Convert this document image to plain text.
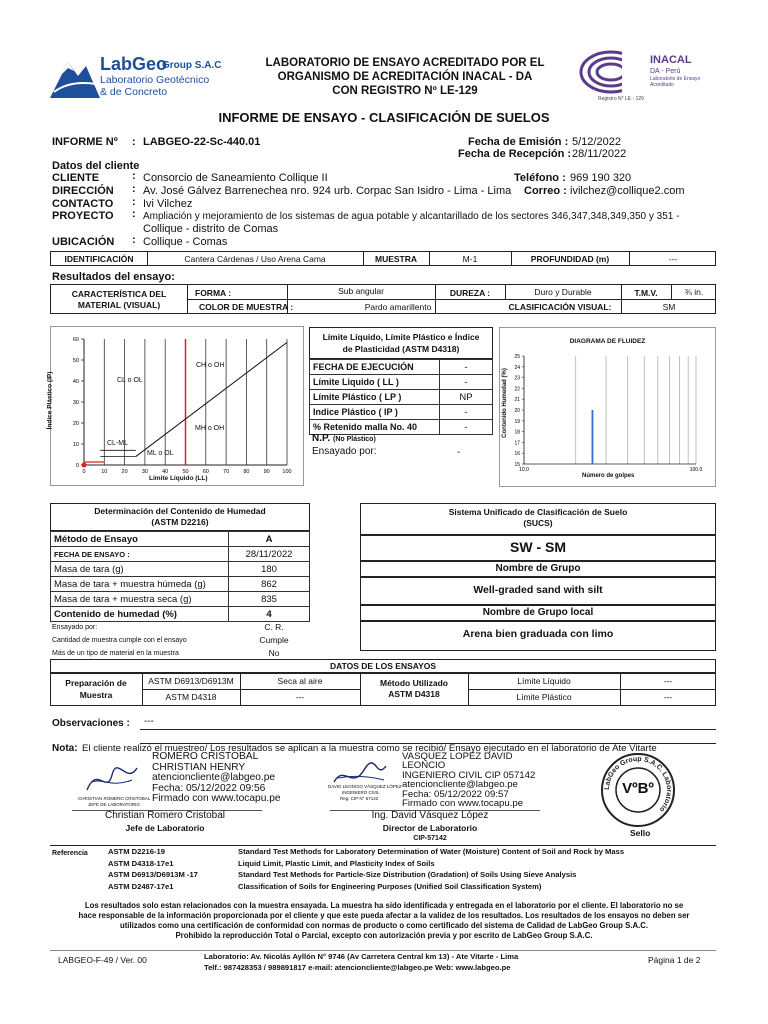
LabGeo
Group S.A.C
Laboratorio Geotécnico
& de Concreto
LABORATORIO DE ENSAYO ACREDITADO POR EL
ORGANISMO DE ACREDITACIÓN INACAL - DA
CON REGISTRO Nº LE-129
INACAL
DA - Perú
Laboratorio de Ensayo
Acreditado
Registro N° LE - 129
INFORME DE ENSAYO - CLASIFICACIÓN DE SUELOS
INFORME Nº : LABGEO-22-Sc-440.01	Fecha de Emisión : 5/12/2022
Fecha de Recepción : 28/11/2022
Datos del cliente
CLIENTE	: Consorcio de Saneamiento Collique II	Teléfono : 969 190 320
DIRECCIÓN : Av. José Gálvez Barrenechea nro. 924 urb. Corpac San Isidro - Lima - Lima Correo : ivilchez@collique2.com
CONTACTO : Ivi Vilchez
PROYECTO : Ampliación y mejoramiento de los sistemas de agua potable y alcantarillado de los sectores 346,347,348,349,350 y 351 -
Collique - distrito de Comas
UBICACIÓN : Collique - Comas
IDENTIFICACIÓN	Cantera Cárdenas / Uso Arena Cama	MUESTRA	M-1	PROFUNDIDAD (m)	---
Resultados del ensayo:
CARACTERÍSTICA DEL
MATERIAL (VISUAL)
FORMA :	Sub angular	DUREZA :	Duro y Durable	T.M.V.	¾ in.
COLOR DE MUESTRA :	Pardo amarillento	CLASIFICACIÓN VISUAL:	SM
0	10	20	30	40	50	60	70	80	90 100
0
10
20
30
40
50
60
Índice Plástico (IP)
Límite Líquido (LL)
CH o OH
CL o OL
MH o OH
CL-ML
ML o OL
Límite Líquido, Límite Plástico e Índice
de Plasticidad (ASTM D4318)
FECHA DE EJECUCIÓN	-
Límite Liquido ( LL )	-
Límite Plástico ( LP )	NP
Indice Plástico ( IP )	-
% Retenido malla No. 40	-
N.P. (No Plástico)
Ensayado por:	-
15
16
17
18
19
20
21
22
23
24
25
10.0	100.0
DIAGRAMA DE FLUIDEZ
Contenido Humedad (%)
Número de golpes
Determinación del Contenido de Humedad
(ASTM D2216)
Método de Ensayo	A
FECHA DE ENSAYO :	28/11/2022
Masa de tara (g)	180
Masa de tara + muestra húmeda (g)	862
Masa de tara + muestra seca (g)	835
Contenido de humedad (%)	4
Ensayado por:	C. R.
Cantidad de muestra cumple con el ensayo	Cumple
Más de un tipo de material en la muestra	No
Sistema Unificado de Clasificación de Suelo
(SUCS)
SW - SM
Nombre de Grupo
Well-graded sand with silt
Nombre de Grupo local
Arena bien graduada con limo
DATOS DE LOS ENSAYOS
Preparación de
Muestra
ASTM D6913/D6913M	Seca al aire
ASTM D4318	---
Método Utilizado
ASTM D4318
Límite Líquido	---
Límite Plástico	---
Observaciones : ---
Nota: El cliente realizó el muestreo/ Los resultados se aplican a la muestra como se recibió/ Ensayo ejecutado en el laboratorio de Ate Vitarte
CHRISTIAN ROMERO CRISTOBAL
JEFE DE LABORATORIO
ROMERO CRISTOBAL
CHRISTIAN HENRY
atencioncliente@labgeo.pe
Fecha: 05/12/2022 09:56
Firmado con www.tocapu.pe
Christian Romero Cristobal
Jefe de Laboratorio
DAVID LEONCIO VÁSQUEZ LÓPEZ
INGENIERO CIVIL
Reg. CIP N° 57142
VASQUEZ LOPEZ DAVID
LEONCIO
INGENIERO CIVIL CIP 057142
atencioncliente@labgeo.pe
Fecha: 05/12/2022 09:57
Firmado con www.tocapu.pe
Ing. David Vásquez López
Director de Laboratorio
CIP-57142
LabGeo Group S.A.C. Laboratorio
VºBº
Sello
Referencia	ASTM D2216-19	Standard Test Methods for Laboratory Determination of Water (Moisture) Content of Soil and Rock by Mass
ASTM D4318-17e1	Liquid Limit, Plastic Limit, and Plasticity Index of Soils
ASTM D6913/D6913M -17	Standard Test Methods for Particle-Size Distribution (Gradation) of Soils Using Sieve Analysis
ASTM D2487-17e1	Classification of Soils for Engineering Purposes (Unified Soil Classification System)
Los resultados solo estan relacionados con la muestra ensayada. La muestra ha sido identificada y entregada en el laboratorio por el cliente. El laboratorio no se
hace responsable de la información proporcionada por el cliente y que este pueda afectar a la validez de los resultados. Los resultados de los ensayos no deben ser
utilizados como una certificación de conformidad con normas de producto o como certificado del sistema de Calidad de LabGeo Group S.A.C.
Prohibido la reproducción Total o Parcial, excepto con autorización previa y por escrito de LabGeo Group S.A.C.
LABGEO-F-49 / Ver. 00	Laboratorio: Av. Nicolás Ayllón N° 9746 (Av Carretera Central km 13) - Ate Vitarte - Lima
Telf.: 987428353 / 989891817 e-mail: atencioncliente@labgeo.pe Web: www.labgeo.pe
Página 1 de 2
